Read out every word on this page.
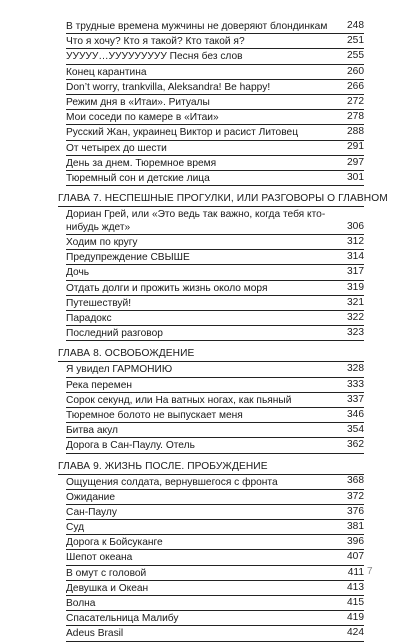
В трудные времена мужчины не доверяют блондинкам	248
Что я хочу? Кто я такой? Кто такой я?	251
УУУУУ…УУУУУУУУУ Песня без слов	255
Конец карантина	260
Don’t worry, trankvilla, Aleksandra! Be happy!	266
Режим дня в «Итаи». Ритуалы	272
Мои соседи по камере в «Итаи»	278
Русский Жан, украинец Виктор и расист Литовец	288
От четырех до шести	291
День за днем. Тюремное время	297
Тюремный сон и детские лица	301
ГЛАВА 7. НЕСПЕШНЫЕ ПРОГУЛКИ, ИЛИ РАЗГОВОРЫ О ГЛАВНОМ
Дориан Грей, или «Это ведь так важно, когда тебя кто-нибудь ждет»	306
Ходим по кругу	312
Предупреждение СВЫШЕ	314
Дочь	317
Отдать долги и прожить жизнь около моря	319
Путешествуй!	321
Парадокс	322
Последний разговор	323
ГЛАВА 8. ОСВОБОЖДЕНИЕ
Я увидел ГАРМОНИЮ	328
Река перемен	333
Сорок секунд, или На ватных ногах, как пьяный	337
Тюремное болото не выпускает меня	346
Битва акул	354
Дорога в Сан-Паулу. Отель	362
ГЛАВА 9. ЖИЗНЬ ПОСЛЕ. ПРОБУЖДЕНИЕ
Ощущения солдата, вернувшегося с фронта	368
Ожидание	372
Сан-Паулу	376
Суд	381
Дорога к Бойсуканге	396
Шепот океана	407
В омут с головой	411
Девушка и Океан	413
Волна	415
Спасательница Малибу	419
Adeus Brasil	424
7
